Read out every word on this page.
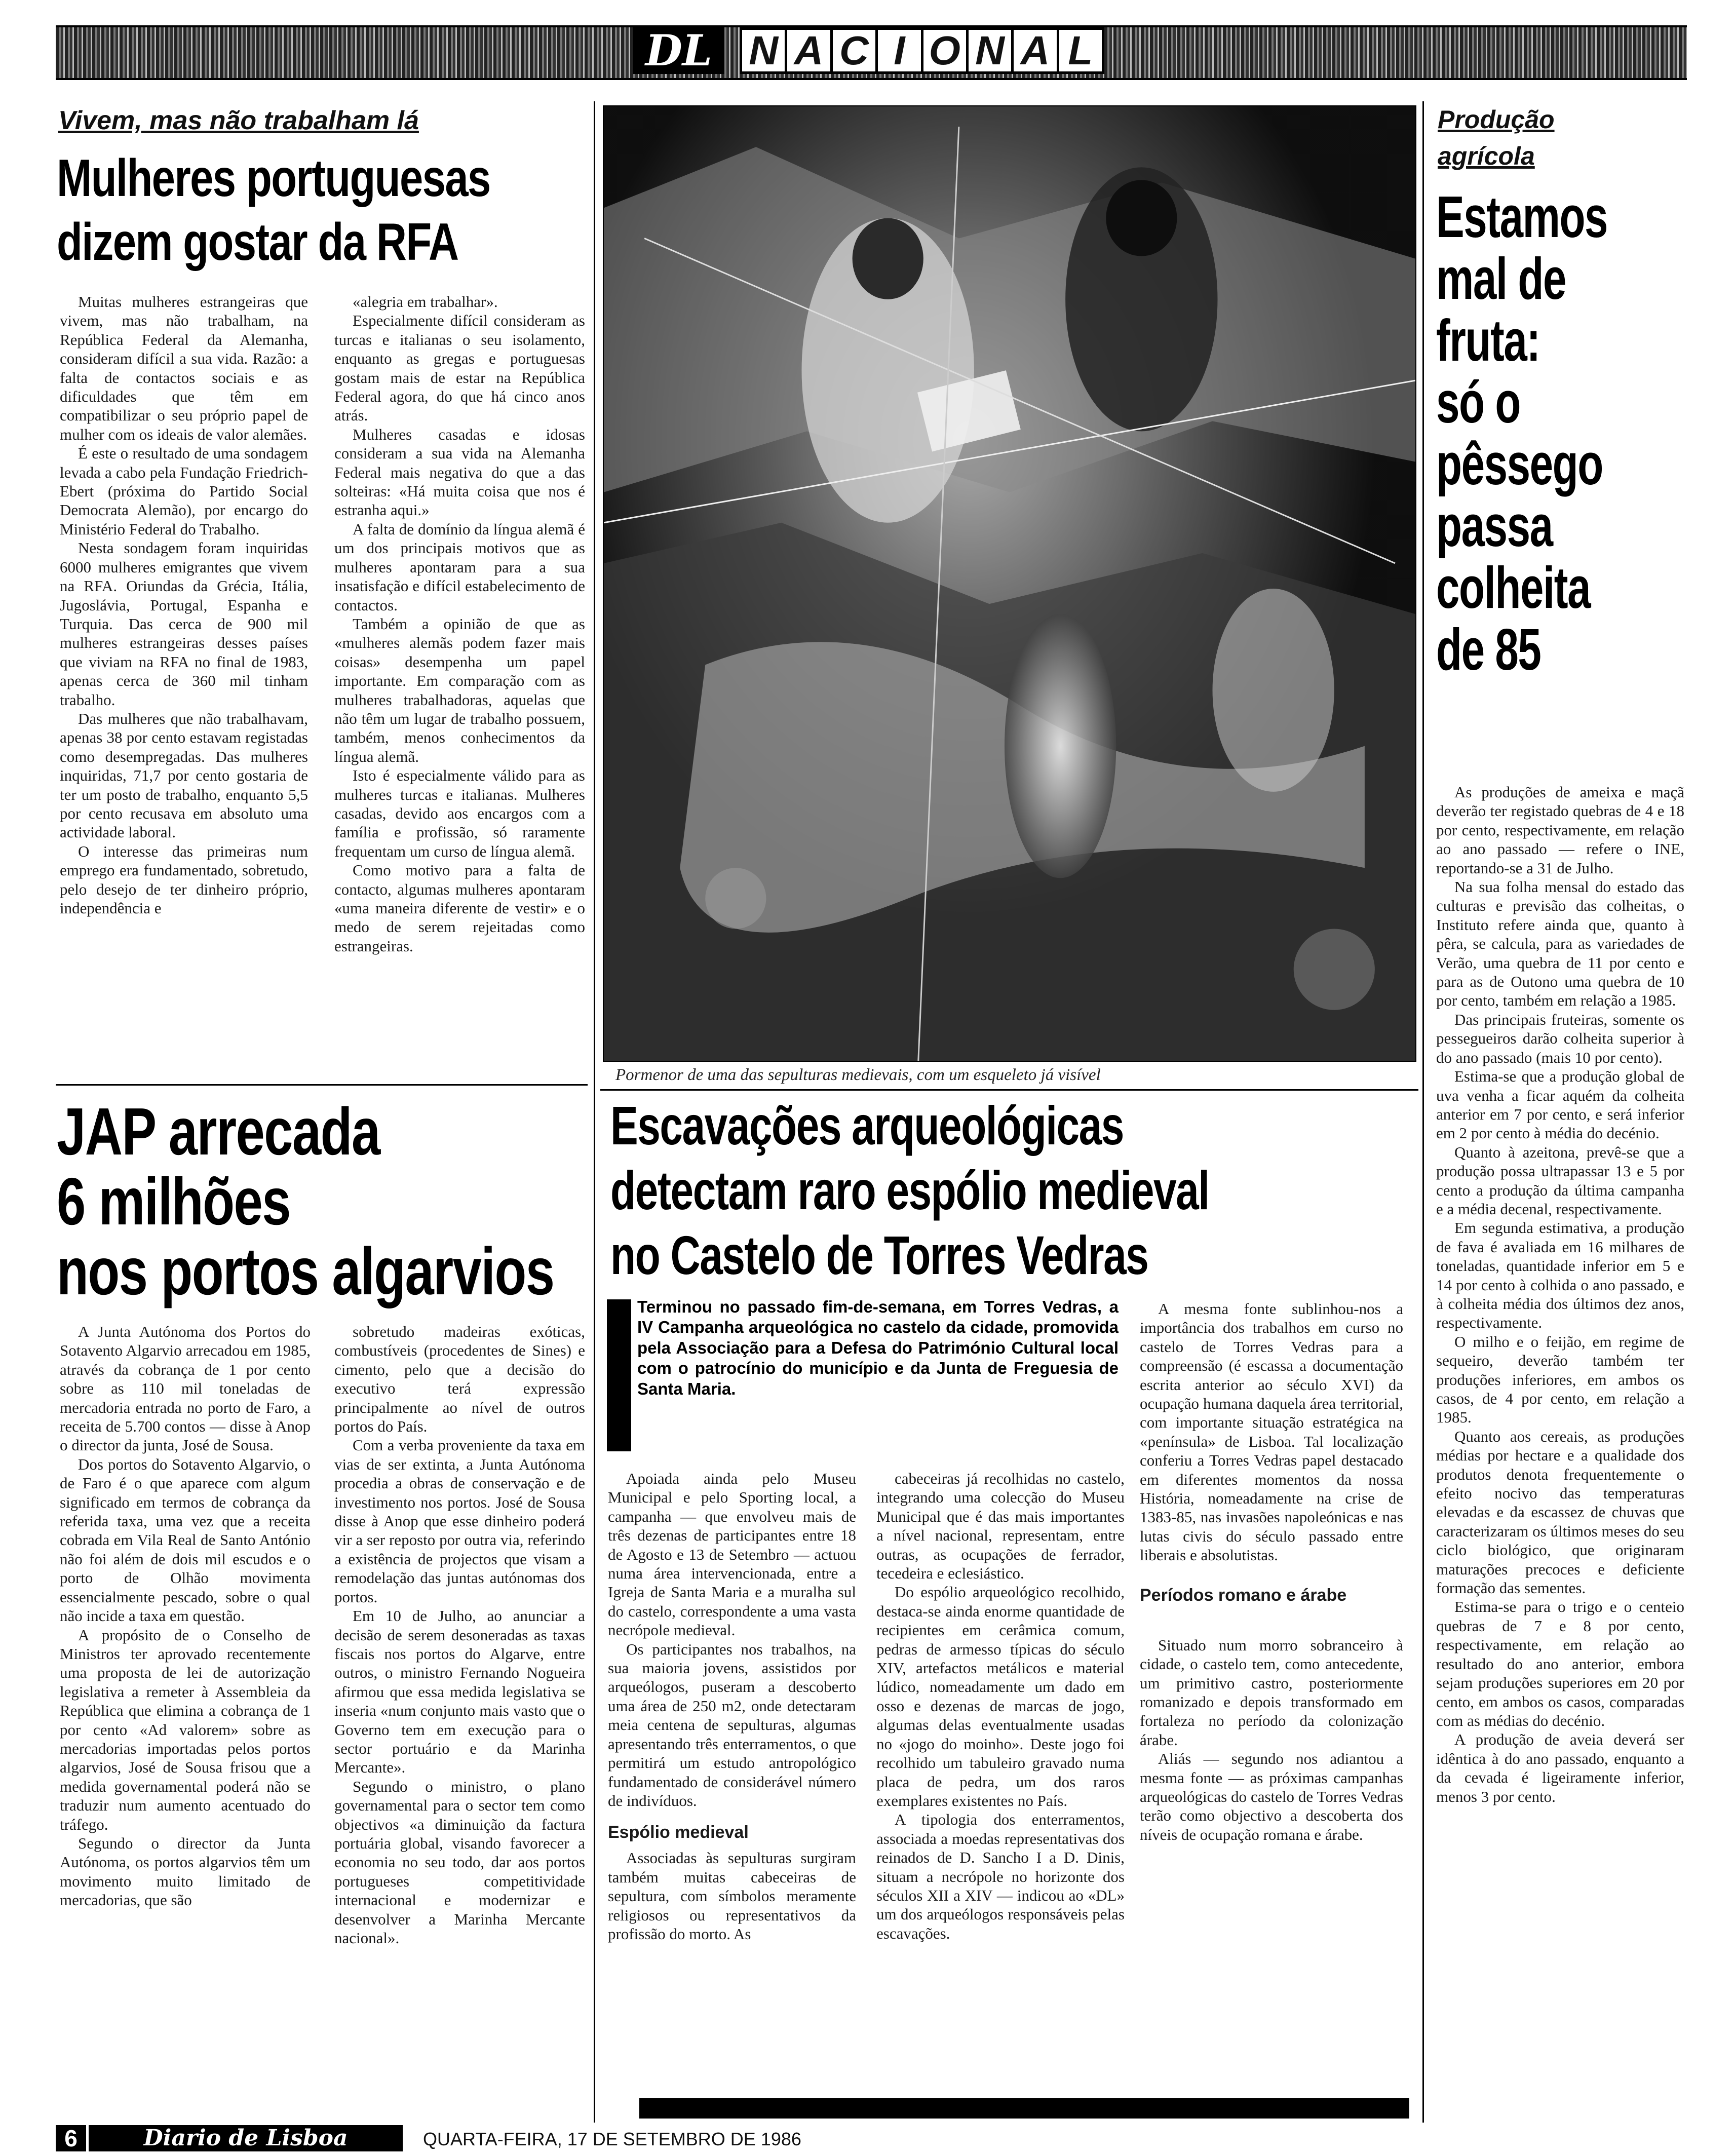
DL N A C I O N A L
Vivem, mas não trabalham lá
Mulheres portuguesas
dizem gostar da RFA

Muitas mulheres estrangeiras que vivem, mas não trabalham, na República Federal da Alemanha, consideram difícil a sua vida. Razão: a falta de contactos sociais e as dificuldades que têm em compatibilizar o seu próprio papel de mulher com os ideais de valor alemães.

É este o resultado de uma sondagem levada a cabo pela Fundação Friedrich-Ebert (próxima do Partido Social Democrata Alemão), por encargo do Ministério Federal do Trabalho.

Nesta sondagem foram inquiridas 6000 mulheres emigrantes que vivem na RFA. Oriundas da Grécia, Itália, Jugoslávia, Portugal, Espanha e Turquia. Das cerca de 900 mil mulheres estrangeiras desses países que viviam na RFA no final de 1983, apenas cerca de 360 mil tinham trabalho.

Das mulheres que não trabalhavam, apenas 38 por cento estavam registadas como desempregadas. Das mulheres inquiridas, 71,7 por cento gostaria de ter um posto de trabalho, enquanto 5,5 por cento recusava em absoluto uma actividade laboral.

O interesse das primeiras num emprego era fundamentado, sobretudo, pelo desejo de ter dinheiro próprio, independência e

«alegria em trabalhar».

Especialmente difícil consideram as turcas e italianas o seu isolamento, enquanto as gregas e portuguesas gostam mais de estar na República Federal agora, do que há cinco anos atrás.

Mulheres casadas e idosas consideram a sua vida na Alemanha Federal mais negativa do que a das solteiras: «Há muita coisa que nos é estranha aqui.»

A falta de domínio da língua alemã é um dos principais motivos que as mulheres apontaram para a sua insatisfação e difícil estabelecimento de contactos.

Também a opinião de que as «mulheres alemãs podem fazer mais coisas» desempenha um papel importante. Em comparação com as mulheres trabalhadoras, aquelas que não têm um lugar de trabalho possuem, também, menos conhecimentos da língua alemã.

Isto é especialmente válido para as mulheres turcas e italianas. Mulheres casadas, devido aos encargos com a família e profissão, só raramente frequentam um curso de língua alemã.

Como motivo para a falta de contacto, algumas mulheres apontaram «uma maneira diferente de vestir» e o medo de serem rejeitadas como estrangeiras.

JAP arrecada
6 milhões
nos portos algarvios

A Junta Autónoma dos Portos do Sotavento Algarvio arrecadou em 1985, através da cobrança de 1 por cento sobre as 110 mil toneladas de mercadoria entrada no porto de Faro, a receita de 5.700 contos — disse à Anop o director da junta, José de Sousa.

Dos portos do Sotavento Algarvio, o de Faro é o que aparece com algum significado em termos de cobrança da referida taxa, uma vez que a receita cobrada em Vila Real de Santo António não foi além de dois mil escudos e o porto de Olhão movimenta essencialmente pescado, sobre o qual não incide a taxa em questão.

A propósito de o Conselho de Ministros ter aprovado recentemente uma proposta de lei de autorização legislativa a remeter à Assembleia da República que elimina a cobrança de 1 por cento «Ad valorem» sobre as mercadorias importadas pelos portos algarvios, José de Sousa frisou que a medida governamental poderá não se traduzir num aumento acentuado do tráfego.

Segundo o director da Junta Autónoma, os portos algarvios têm um movimento muito limitado de mercadorias, que são

sobretudo madeiras exóticas, combustíveis (procedentes de Sines) e cimento, pelo que a decisão do executivo terá expressão principalmente ao nível de outros portos do País.

Com a verba proveniente da taxa em vias de ser extinta, a Junta Autónoma procedia a obras de conservação e de investimento nos portos. José de Sousa disse à Anop que esse dinheiro poderá vir a ser reposto por outra via, referindo a existência de projectos que visam a remodelação das juntas autónomas dos portos.

Em 10 de Julho, ao anunciar a decisão de serem desoneradas as taxas fiscais nos portos do Algarve, entre outros, o ministro Fernando Nogueira afirmou que essa medida legislativa se inseria «num conjunto mais vasto que o Governo tem em execução para o sector portuário e da Marinha Mercante».

Segundo o ministro, o plano governamental para o sector tem como objectivos «a diminuição da factura portuária global, visando favorecer a economia no seu todo, dar aos portos portugueses competitividade internacional e modernizar e desenvolver a Marinha Mercante nacional».

Pormenor de uma das sepulturas medievais, com um esqueleto já visível
Escavações arqueológicas
detectam raro espólio medieval
no Castelo de Torres Vedras
Terminou no passado fim-de-semana, em Torres Vedras, a IV Campanha arqueológica no castelo da cidade, promovida pela Associação para a Defesa do Património Cultural local com o patrocínio do município e da Junta de Freguesia de Santa Maria.

Apoiada ainda pelo Museu Municipal e pelo Sporting local, a campanha — que envolveu mais de três dezenas de participantes entre 18 de Agosto e 13 de Setembro — actuou numa área intervencionada, entre a Igreja de Santa Maria e a muralha sul do castelo, correspondente a uma vasta necrópole medieval.

Os participantes nos trabalhos, na sua maioria jovens, assistidos por arqueólogos, puseram a descoberto uma área de 250 m2, onde detectaram meia centena de sepulturas, algumas apresentando três enterramentos, o que permitirá um estudo antropológico fundamentado de considerável número de indivíduos.

Espólio medieval

Associadas às sepulturas surgiram também muitas cabeceiras de sepultura, com símbolos meramente religiosos ou representativos da profissão do morto. As

cabeceiras já recolhidas no castelo, integrando uma colecção do Museu Municipal que é das mais importantes a nível nacional, representam, entre outras, as ocupações de ferrador, tecedeira e eclesiástico.

Do espólio arqueológico recolhido, destaca-se ainda enorme quantidade de recipientes em cerâmica comum, pedras de armesso típicas do século XIV, artefactos metálicos e material lúdico, nomeadamente um dado em osso e dezenas de marcas de jogo, algumas delas eventualmente usadas no «jogo do moinho». Deste jogo foi recolhido um tabuleiro gravado numa placa de pedra, um dos raros exemplares existentes no País.

A tipologia dos enterramentos, associada a moedas representativas dos reinados de D. Sancho I a D. Dinis, situam a necrópole no horizonte dos séculos XII a XIV — indicou ao «DL» um dos arqueólogos responsáveis pelas escavações.

A mesma fonte sublinhou-nos a importância dos trabalhos em curso no castelo de Torres Vedras para a compreensão (é escassa a documentação escrita anterior ao século XVI) da ocupação humana daquela área territorial, com importante situação estratégica na «península» de Lisboa. Tal localização conferiu a Torres Vedras papel destacado em diferentes momentos da nossa História, nomeadamente na crise de 1383-85, nas invasões napoleónicas e nas lutas civis do século passado entre liberais e absolutistas.

Períodos romano e árabe

Situado num morro sobranceiro à cidade, o castelo tem, como antecedente, um primitivo castro, posteriormente romanizado e depois transformado em fortaleza no período da colonização árabe.

Aliás — segundo nos adiantou a mesma fonte — as próximas campanhas arqueológicas do castelo de Torres Vedras terão como objectivo a descoberta dos níveis de ocupação romana e árabe.

Produção
agrícola
Estamos
mal de
fruta:
só o
pêssego
passa
colheita
de 85

As produções de ameixa e maçã deverão ter registado quebras de 4 e 18 por cento, respectivamente, em relação ao ano passado — refere o INE, reportando-se a 31 de Julho.

Na sua folha mensal do estado das culturas e previsão das colheitas, o Instituto refere ainda que, quanto à pêra, se calcula, para as variedades de Verão, uma quebra de 11 por cento e para as de Outono uma quebra de 10 por cento, também em relação a 1985.

Das principais fruteiras, somente os pessegueiros darão colheita superior à do ano passado (mais 10 por cento).

Estima-se que a produção global de uva venha a ficar aquém da colheita anterior em 7 por cento, e será inferior em 2 por cento à média do decénio.

Quanto à azeitona, prevê-se que a produção possa ultrapassar 13 e 5 por cento a produção da última campanha e a média decenal, respectivamente.

Em segunda estimativa, a produção de fava é avaliada em 16 milhares de toneladas, quantidade inferior em 5 e 14 por cento à colhida o ano passado, e à colheita média dos últimos dez anos, respectivamente.

O milho e o feijão, em regime de sequeiro, deverão também ter produções inferiores, em ambos os casos, de 4 por cento, em relação a 1985.

Quanto aos cereais, as produções médias por hectare e a qualidade dos produtos denota frequentemente o efeito nocivo das temperaturas elevadas e da escassez de chuvas que caracterizaram os últimos meses do seu ciclo biológico, que originaram maturações precoces e deficiente formação das sementes.

Estima-se para o trigo e o centeio quebras de 7 e 8 por cento, respectivamente, em relação ao resultado do ano anterior, embora sejam produções superiores em 20 por cento, em ambos os casos, comparadas com as médias do decénio.

A produção de aveia deverá ser idêntica à do ano passado, enquanto a da cevada é ligeiramente inferior, menos 3 por cento.

6	Diario de Lisboa	QUARTA-FEIRA, 17 DE SETEMBRO DE 1986
